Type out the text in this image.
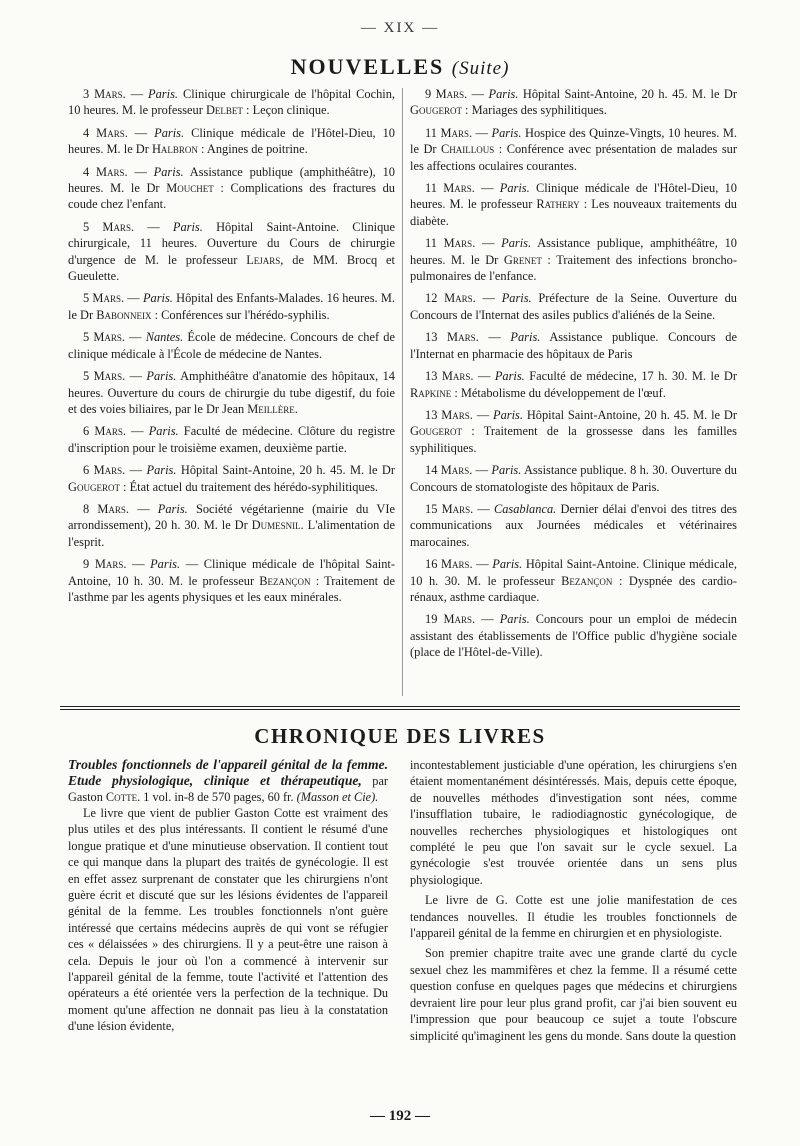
— XIX —
NOUVELLES (Suite)

3 Mars. — Paris. Clinique chirurgicale de l'hôpital Cochin, 10 heures. M. le professeur Delbet : Leçon clinique.

4 Mars. — Paris. Clinique médicale de l'Hôtel-Dieu, 10 heures. M. le Dr Halbron : Angines de poitrine.

4 Mars. — Paris. Assistance publique (amphithéâtre), 10 heures. M. le Dr Mouchet : Complications des fractures du coude chez l'enfant.

5 Mars. — Paris. Hôpital Saint-Antoine. Clinique chirurgicale, 11 heures. Ouverture du Cours de chirurgie d'urgence de M. le professeur Lejars, de MM. Brocq et Gueulette.

5 Mars. — Paris. Hôpital des Enfants-Malades. 16 heures. M. le Dr Babonneix : Conférences sur l'hérédo-syphilis.

5 Mars. — Nantes. École de médecine. Concours de chef de clinique médicale à l'École de médecine de Nantes.

5 Mars. — Paris. Amphithéâtre d'anatomie des hôpitaux, 14 heures. Ouverture du cours de chirurgie du tube digestif, du foie et des voies biliaires, par le Dr Jean Meillère.

6 Mars. — Paris. Faculté de médecine. Clôture du registre d'inscription pour le troisième examen, deuxième partie.

6 Mars. — Paris. Hôpital Saint-Antoine, 20 h. 45. M. le Dr Gougerot : État actuel du traitement des hérédo-syphilitiques.

8 Mars. — Paris. Société végétarienne (mairie du VIe arrondissement), 20 h. 30. M. le Dr Dumesnil. L'alimentation de l'esprit.

9 Mars. — Paris. — Clinique médicale de l'hôpital Saint-Antoine, 10 h. 30. M. le professeur Bezançon : Traitement de l'asthme par les agents physiques et les eaux minérales.

9 Mars. — Paris. Hôpital Saint-Antoine, 20 h. 45. M. le Dr Gougerot : Mariages des syphilitiques.

11 Mars. — Paris. Hospice des Quinze-Vingts, 10 heures. M. le Dr Chaillous : Conférence avec présentation de malades sur les affections oculaires courantes.

11 Mars. — Paris. Clinique médicale de l'Hôtel-Dieu, 10 heures. M. le professeur Rathery : Les nouveaux traitements du diabète.

11 Mars. — Paris. Assistance publique, amphithéâtre, 10 heures. M. le Dr Grenet : Traitement des infections broncho-pulmonaires de l'enfance.

12 Mars. — Paris. Préfecture de la Seine. Ouverture du Concours de l'Internat des asiles publics d'aliénés de la Seine.

13 Mars. — Paris. Assistance publique. Concours de l'Internat en pharmacie des hôpitaux de Paris

13 Mars. — Paris. Faculté de médecine, 17 h. 30. M. le Dr Rapkine : Métabolisme du développement de l'œuf.

13 Mars. — Paris. Hôpital Saint-Antoine, 20 h. 45. M. le Dr Gougerot : Traitement de la grossesse dans les familles syphilitiques.

14 Mars. — Paris. Assistance publique. 8 h. 30. Ouverture du Concours de stomatologiste des hôpitaux de Paris.

15 Mars. — Casablanca. Dernier délai d'envoi des titres des communications aux Journées médicales et vétérinaires marocaines.

16 Mars. — Paris. Hôpital Saint-Antoine. Clinique médicale, 10 h. 30. M. le professeur Bezançon : Dyspnée des cardio-rénaux, asthme cardiaque.

19 Mars. — Paris. Concours pour un emploi de médecin assistant des établissements de l'Office public d'hygiène sociale (place de l'Hôtel-de-Ville).

CHRONIQUE DES LIVRES

Troubles fonctionnels de l'appareil génital de la femme. Etude physiologique, clinique et thérapeutique, par Gaston Cotte. 1 vol. in-8 de 570 pages, 60 fr. (Masson et Cie).

Le livre que vient de publier Gaston Cotte est vraiment des plus utiles et des plus intéressants. Il contient le résumé d'une longue pratique et d'une minutieuse observation. Il contient tout ce qui manque dans la plupart des traités de gynécologie. Il est en effet assez surprenant de constater que les chirurgiens n'ont guère écrit et discuté que sur les lésions évidentes de l'appareil génital de la femme. Les troubles fonctionnels n'ont guère intéressé que certains médecins auprès de qui vont se réfugier ces « délaissées » des chirurgiens. Il y a peut-être une raison à cela. Depuis le jour où l'on a commencé à intervenir sur l'appareil génital de la femme, toute l'activité et l'attention des opérateurs a été orientée vers la perfection de la technique. Du moment qu'une affection ne donnait pas lieu à la constatation d'une lésion évidente,

incontestablement justiciable d'une opération, les chirurgiens s'en étaient momentanément désintéressés. Mais, depuis cette époque, de nouvelles méthodes d'investigation sont nées, comme l'insufflation tubaire, le radiodiagnostic gynécologique, de nouvelles recherches physiologiques et histologiques ont complété le peu que l'on savait sur le cycle sexuel. La gynécologie s'est trouvée orientée dans un sens plus physiologique.

Le livre de G. Cotte est une jolie manifestation de ces tendances nouvelles. Il étudie les troubles fonctionnels de l'appareil génital de la femme en chirurgien et en physiologiste.

Son premier chapitre traite avec une grande clarté du cycle sexuel chez les mammifères et chez la femme. Il a résumé cette question confuse en quelques pages que médecins et chirurgiens devraient lire pour leur plus grand profit, car j'ai bien souvent eu l'impression que pour beaucoup ce sujet a toute l'obscure simplicité qu'imaginent les gens du monde. Sans doute la question

— 192 —
